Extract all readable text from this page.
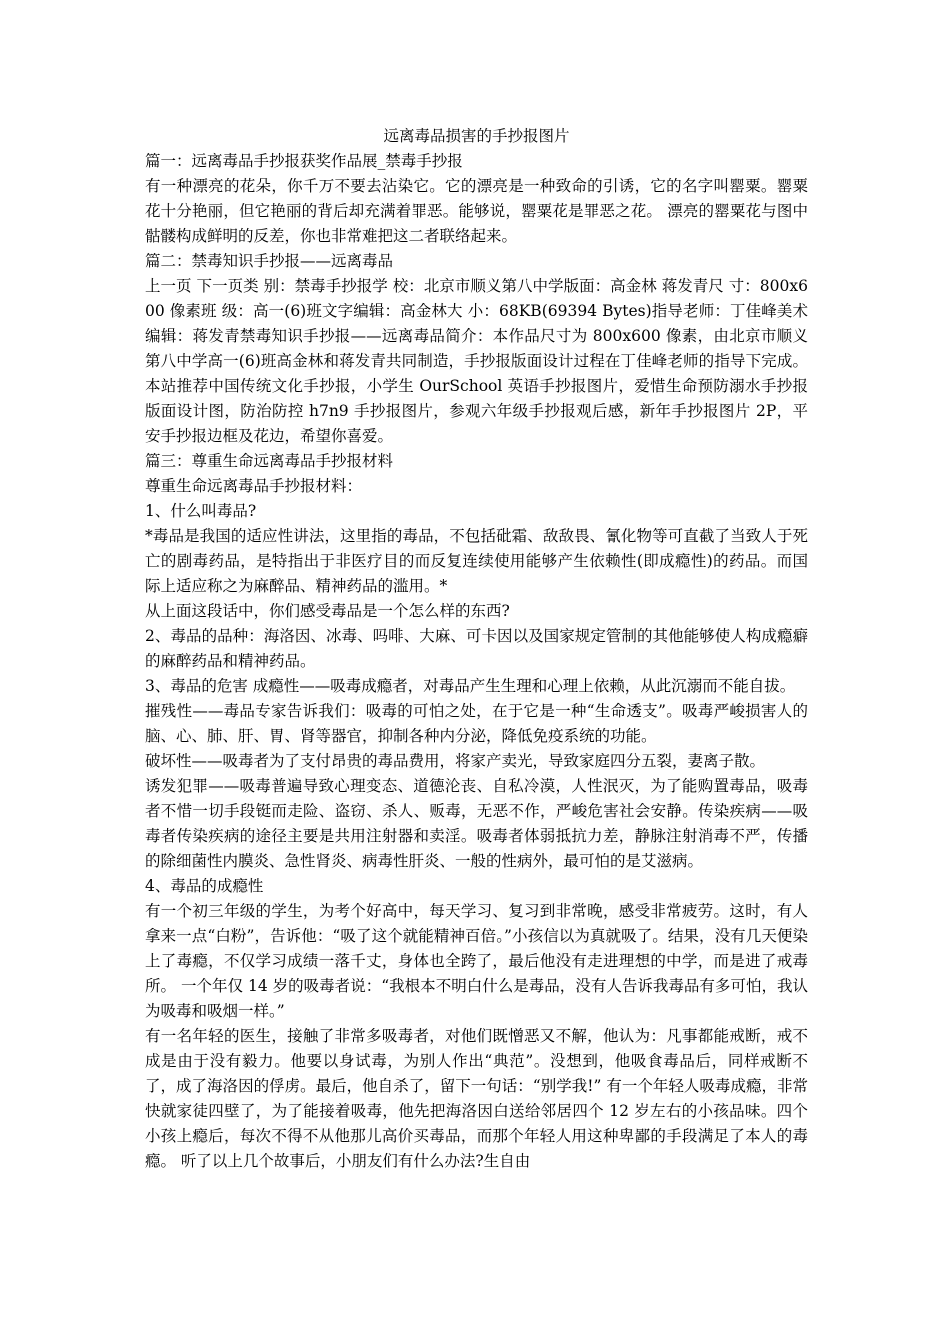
远离毒品损害的手抄报图片

篇一：远离毒品手抄报获奖作品展_禁毒手抄报

有一种漂亮的花朵，你千万不要去沾染它。它的漂亮是一种致命的引诱，它的名字叫罂粟。罂粟花十分艳丽，但它艳丽的背后却充满着罪恶。能够说，罂粟花是罪恶之花。 漂亮的罂粟花与图中骷髅构成鲜明的反差，你也非常难把这二者联络起来。

篇二：禁毒知识手抄报——远离毒品

上一页 下一页类 别：禁毒手抄报学 校：北京市顺义第八中学版面：高金林 蒋发青尺 寸：800x600 像素班 级：高一(6)班文字编辑：高金林大 小：68KB(69394 Bytes)指导老师：丁佳峰美术编辑：蒋发青禁毒知识手抄报——远离毒品简介：本作品尺寸为 800x600 像素，由北京市顺义第八中学高一(6)班高金林和蒋发青共同制造，手抄报版面设计过程在丁佳峰老师的指导下完成。本站推荐中国传统文化手抄报，小学生 OurSchool 英语手抄报图片，爱惜生命预防溺水手抄报版面设计图，防治防控 h7n9 手抄报图片，参观六年级手抄报观后感，新年手抄报图片 2P，平安手抄报边框及花边，希望你喜爱。

篇三：尊重生命远离毒品手抄报材料

尊重生命远离毒品手抄报材料：

1、什么叫毒品?

*毒品是我国的适应性讲法，这里指的毒品，不包括砒霜、敌敌畏、氰化物等可直截了当致人于死亡的剧毒药品，是特指出于非医疗目的而反复连续使用能够产生依赖性(即成瘾性)的药品。而国际上适应称之为麻醉品、精神药品的滥用。*

从上面这段话中，你们感受毒品是一个怎么样的东西?

2、毒品的品种：海洛因、冰毒、吗啡、大麻、可卡因以及国家规定管制的其他能够使人构成瘾癖的麻醉药品和精神药品。

3、毒品的危害 成瘾性——吸毒成瘾者，对毒品产生生理和心理上依赖，从此沉溺而不能自拔。

摧残性——毒品专家告诉我们：吸毒的可怕之处，在于它是一种“生命透支”。吸毒严峻损害人的脑、心、肺、肝、胃、肾等器官，抑制各种内分泌，降低免疫系统的功能。

破坏性——吸毒者为了支付昂贵的毒品费用，将家产卖光，导致家庭四分五裂，妻离子散。

诱发犯罪——吸毒普遍导致心理变态、道德沦丧、自私冷漠，人性泯灭，为了能购置毒品，吸毒者不惜一切手段铤而走险、盗窃、杀人、贩毒，无恶不作，严峻危害社会安静。传染疾病——吸毒者传染疾病的途径主要是共用注射器和卖淫。吸毒者体弱抵抗力差，静脉注射消毒不严，传播的除细菌性内膜炎、急性肾炎、病毒性肝炎、一般的性病外，最可怕的是艾滋病。

4、毒品的成瘾性

有一个初三年级的学生，为考个好高中，每天学习、复习到非常晚，感受非常疲劳。这时，有人拿来一点“白粉”，告诉他：“吸了这个就能精神百倍。”小孩信以为真就吸了。结果，没有几天便染上了毒瘾，不仅学习成绩一落千丈，身体也全跨了，最后他没有走进理想的中学，而是进了戒毒所。 一个年仅 14 岁的吸毒者说：“我根本不明白什么是毒品，没有人告诉我毒品有多可怕，我认为吸毒和吸烟一样。”

有一名年轻的医生，接触了非常多吸毒者，对他们既憎恶又不解，他认为：凡事都能戒断，戒不成是由于没有毅力。他要以身试毒，为别人作出“典范”。没想到，他吸食毒品后，同样戒断不了，成了海洛因的俘虏。最后，他自杀了，留下一句话：“别学我!” 有一个年轻人吸毒成瘾，非常快就家徒四壁了，为了能接着吸毒，他先把海洛因白送给邻居四个 12 岁左右的小孩品味。四个小孩上瘾后，每次不得不从他那儿高价买毒品，而那个年轻人用这种卑鄙的手段满足了本人的毒瘾。 听了以上几个故事后，小朋友们有什么办法?生自由
